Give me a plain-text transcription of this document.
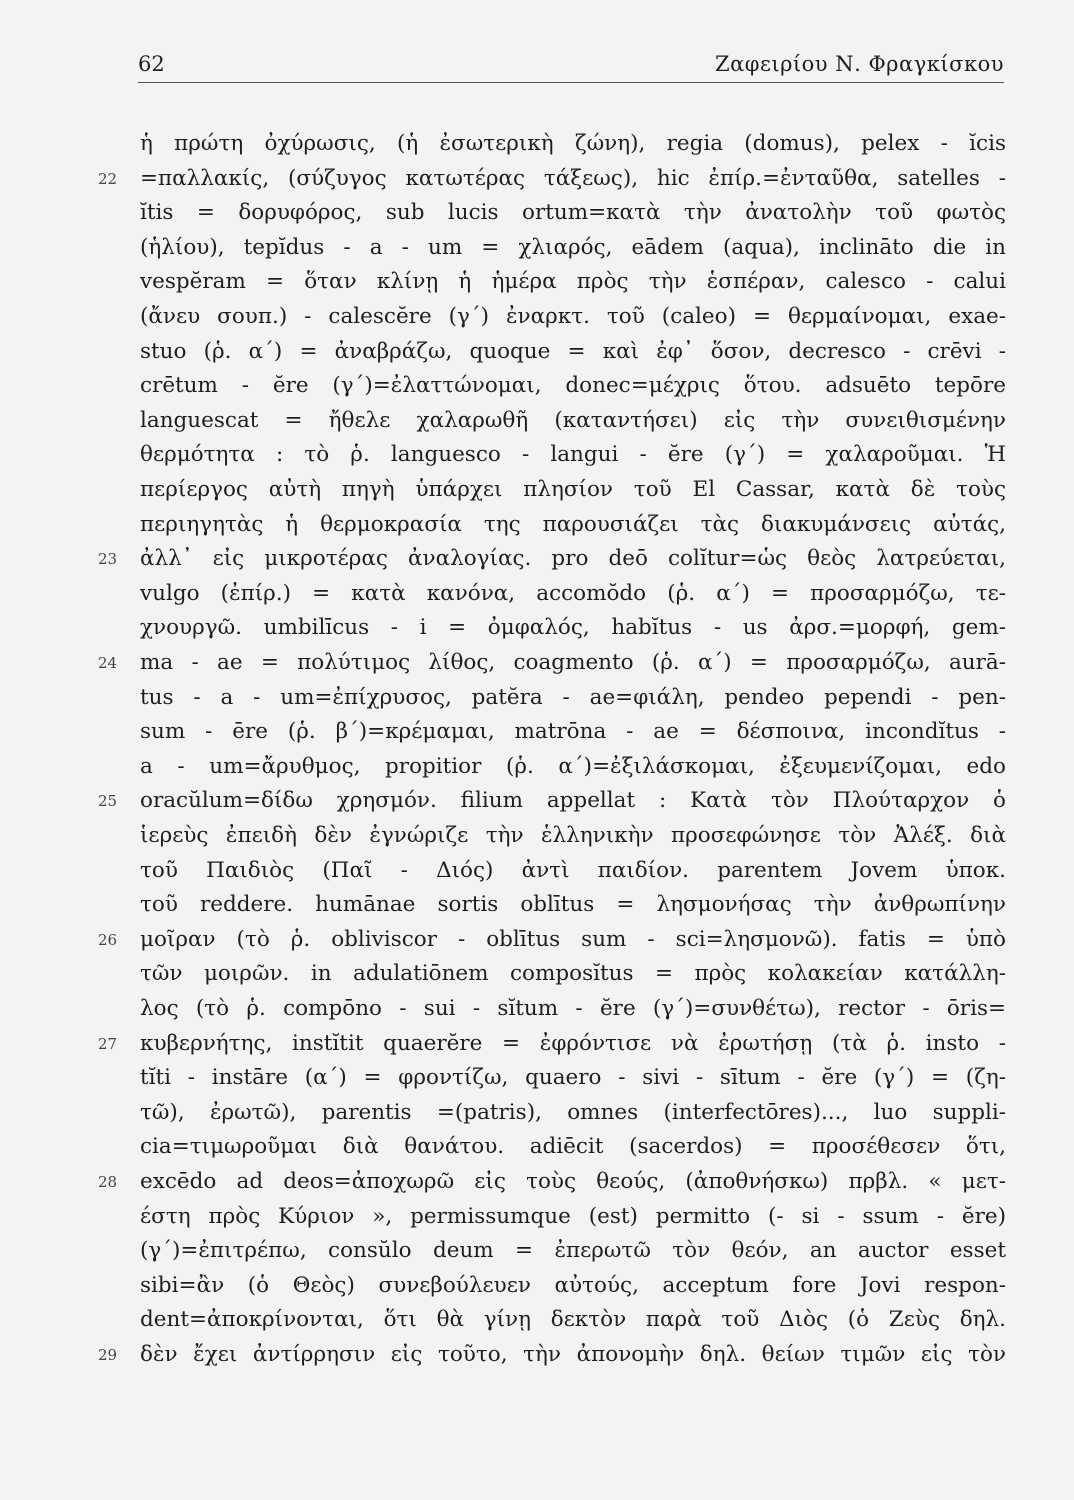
62	Ζαφειρίου Ν. Φραγκίσκου
ἡ πρώτη ὀχύρωσις, (ἡ ἐσωτερικὴ ζώνη), regia (domus), pelex - ĭcis
22	=παλλακίς, (σύζυγος κατωτέρας τάξεως), hic ἐπίρ.=ἐνταῦθα, satelles -
ĭtis = δορυφόρος, sub lucis ortum=κατὰ τὴν ἀνατολὴν τοῦ φωτὸς
(ἡλίου), tepĭdus - a - um = χλιαρός, eādem (aqua), inclināto die in
vespĕram = ὅταν κλίνῃ ἡ ἡμέρα πρὸς τὴν ἑσπέραν, calesco - calui
(ἄνευ σουπ.) - calescĕre (γ΄) ἐναρκτ. τοῦ (caleo) = θερμαίνομαι, exae-
stuo (ῥ. α΄) = ἀναβράζω, quoque = καὶ ἐφ᾽ ὅσον, decresco - crēvi -
crētum - ĕre (γ΄)=ἐλαττώνομαι, donec=μέχρις ὅτου. adsuēto tepōre
languescat = ἤθελε χαλαρωθῆ (καταντήσει) εἰς τὴν συνειθισμένην
θερμότητα : τὸ ῥ. languesco - langui - ĕre (γ΄) = χαλαροῦμαι. Ἡ
περίεργος αὐτὴ πηγὴ ὑπάρχει πλησίον τοῦ El Cassar, κατὰ δὲ τοὺς
περιηγητὰς ἡ θερμοκρασία της παρουσιάζει τὰς διακυμάνσεις αὐτάς,
23	ἀλλ᾽ εἰς μικροτέρας ἀναλογίας. pro deō colĭtur=ὡς θεὸς λατρεύεται,
vulgo (ἐπίρ.) = κατὰ κανόνα, accomŏdo (ῥ. α΄) = προσαρμόζω, τε-
χνουργῶ. umbilīcus - i = ὀμφαλός, habĭtus - us ἀρσ.=μορφή, gem-
24	ma - ae = πολύτιμος λίθος, coagmento (ῥ. α΄) = προσαρμόζω, aurā-
tus - a - um=ἐπίχρυσος, patĕra - ae=φιάλη, pendeo pependi - pen-
sum - ēre (ῥ. β΄)=κρέμαμαι, matrōna - ae = δέσποινα, incondĭtus -
a - um=ἄρυθμος, propitior (ῥ. α΄)=ἐξιλάσκομαι, ἐξευμενίζομαι, edo
25	oracŭlum=δίδω χρησμόν. filium appellat : Κατὰ τὸν Πλούταρχον ὁ
ἱερεὺς ἐπειδὴ δὲν ἐγνώριζε τὴν ἑλληνικὴν προσεφώνησε τὸν Ἀλέξ. διὰ
τοῦ Παιδιὸς (Παῖ - Διός) ἀντὶ παιδίον. parentem Jovem ὑποκ.
τοῦ reddere. humānae sortis oblītus = λησμονήσας τὴν ἀνθρωπίνην
26	μοῖραν (τὸ ῥ. obliviscor - oblītus sum - sci=λησμονῶ). fatis = ὑπὸ
τῶν μοιρῶν. in adulatiōnem composĭtus = πρὸς κολακείαν κατάλλη-
λος (τὸ ῥ. compōno - sui - sĭtum - ĕre (γ΄)=συνθέτω), rector - ōris=
27	κυβερνήτης, instĭtit quaerĕre = ἐφρόντισε νὰ ἐρωτήσῃ (τὰ ῥ. insto -
tĭti - instāre (α΄) = φροντίζω, quaero - sivi - sītum - ĕre (γ΄) = (ζη-
τῶ), ἐρωτῶ), parentis =(patris), omnes (interfectōres)..., luo suppli-
cia=τιμωροῦμαι διὰ θανάτου. adiēcit (sacerdos) = προσέθεσεν ὅτι,
28	excēdo ad deos=ἀποχωρῶ εἰς τοὺς θεούς, (ἀποθνήσκω) πρβλ. « μετ-
έστη πρὸς Κύριον », permissumque (est) permitto (- si - ssum - ĕre)
(γ΄)=ἐπιτρέπω, consŭlo deum = ἐπερωτῶ τὸν θεόν, an auctor esset
sibi=ἂν (ὁ Θεὸς) συνεβούλευεν αὐτούς, acceptum fore Jovi respon-
dent=ἀποκρίνονται, ὅτι θὰ γίνῃ δεκτὸν παρὰ τοῦ Διὸς (ὁ Ζεὺς δηλ.
29	δὲν ἔχει ἀντίρρησιν εἰς τοῦτο, τὴν ἀπονομὴν δηλ. θείων τιμῶν εἰς τὸν
